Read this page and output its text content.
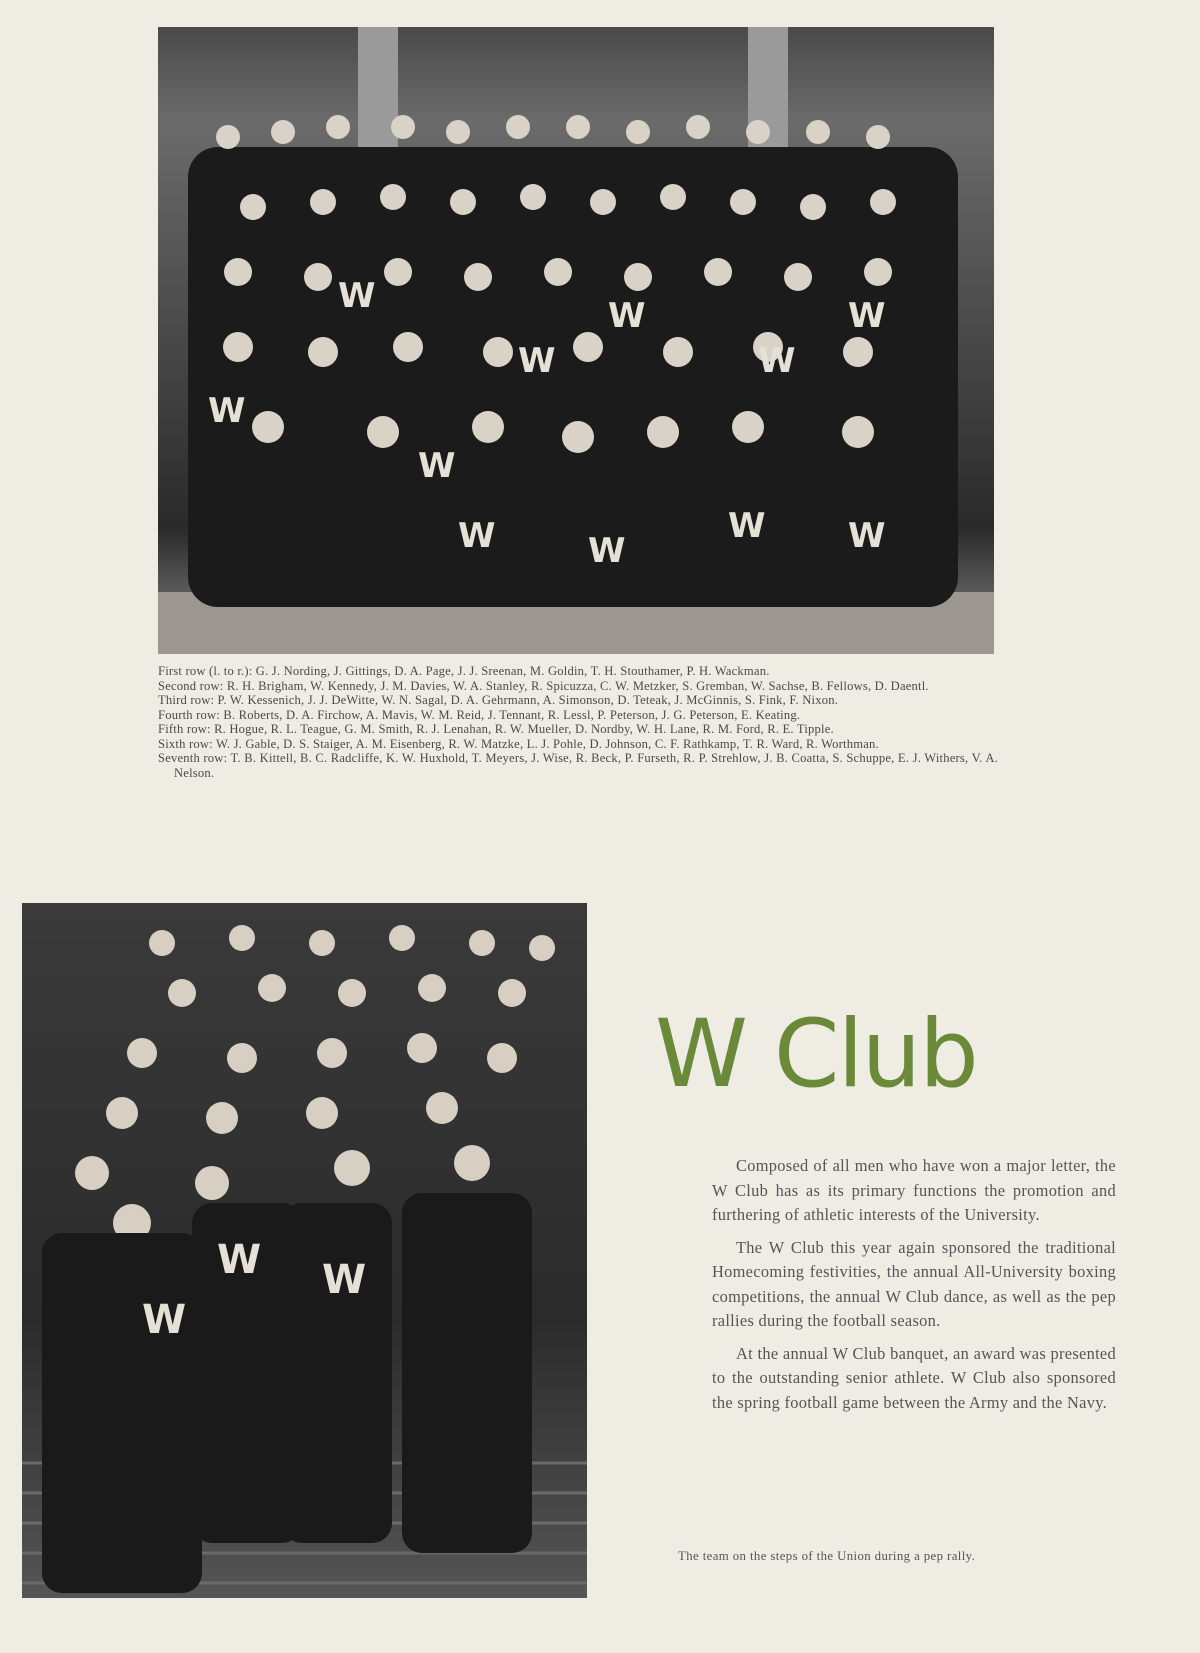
W
W
W
W
W
W
W
W	W
W
W

First row (l. to r.): G. J. Nording, J. Gittings, D. A. Page, J. J. Sreenan, M. Goldin, T. H. Stouthamer, P. H. Wackman.

Second row: R. H. Brigham, W. Kennedy, J. M. Davies, W. A. Stanley, R. Spicuzza, C. W. Metzker, S. Gremban, W. Sachse, B. Fellows, D. Daentl.

Third row: P. W. Kessenich, J. J. DeWitte, W. N. Sagal, D. A. Gehrmann, A. Simonson, D. Teteak, J. McGinnis, S. Fink, F. Nixon.

Fourth row: B. Roberts, D. A. Firchow, A. Mavis, W. M. Reid, J. Tennant, R. Lessl, P. Peterson, J. G. Peterson, E. Keating.

Fifth row: R. Hogue, R. L. Teague, G. M. Smith, R. J. Lenahan, R. W. Mueller, D. Nordby, W. H. Lane, R. M. Ford, R. E. Tipple.

Sixth row: W. J. Gable, D. S. Staiger, A. M. Eisenberg, R. W. Matzke, L. J. Pohle, D. Johnson, C. F. Rathkamp, T. R. Ward, R. Worthman.

Seventh row: T. B. Kittell, B. C. Radcliffe, K. W. Huxhold, T. Meyers, J. Wise, R. Beck, P. Furseth, R. P. Strehlow, J. B. Coatta, S. Schuppe, E. J. Withers, V. A. Nelson.

W W
W
W Club

Composed of all men who have won a major letter, the W Club has as its primary functions the promotion and furthering of athletic interests of the University.

The W Club this year again sponsored the traditional Homecoming festivities, the annual All-University boxing competitions, the annual W Club dance, as well as the pep rallies during the football season.

At the annual W Club banquet, an award was presented to the outstanding senior athlete. W Club also sponsored the spring football game between the Army and the Navy.

The team on the steps of the Union during a pep rally.
